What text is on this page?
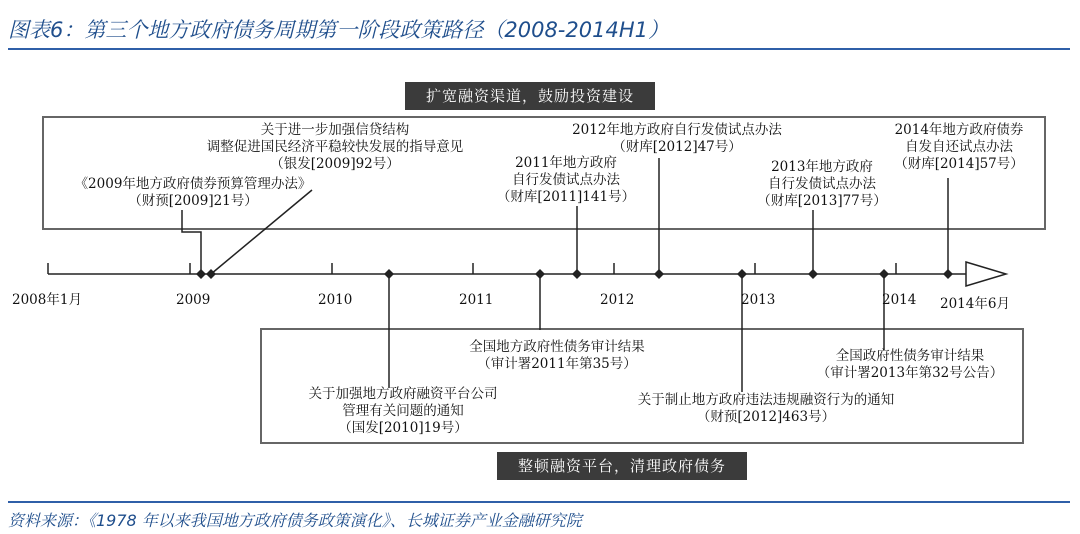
图表6：第三个地方政府债务周期第一阶段政策路径（2008-2014H1）
扩宽融资渠道，鼓励投资建设
整顿融资平台，清理政府债务
2008年1月	2009	2010	2011	2012	2013	2014 2014年6月
《2009年地方政府债券预算管理办法》
（财预[2009]21号）
关于进一步加强信贷结构
调整促进国民经济平稳较快发展的指导意见
（银发[2009]92号）	2011年地方政府
自行发债试点办法
（财库[2011]141号）
2012年地方政府自行发债试点办法
（财库[2012]47号）
2013年地方政府
自行发债试点办法
（财库[2013]77号）
2014年地方政府债券
自发自还试点办法
（财库[2014]57号）
关于加强地方政府融资平台公司
管理有关问题的通知
（国发[2010]19号）
全国地方政府性债务审计结果
（审计署2011年第35号）
关于制止地方政府违法违规融资行为的通知
（财预[2012]463号）
全国政府性债务审计结果
（审计署2013年第32号公告）
资料来源：《1978 年以来我国地方政府债务政策演化》、长城证券产业金融研究院
